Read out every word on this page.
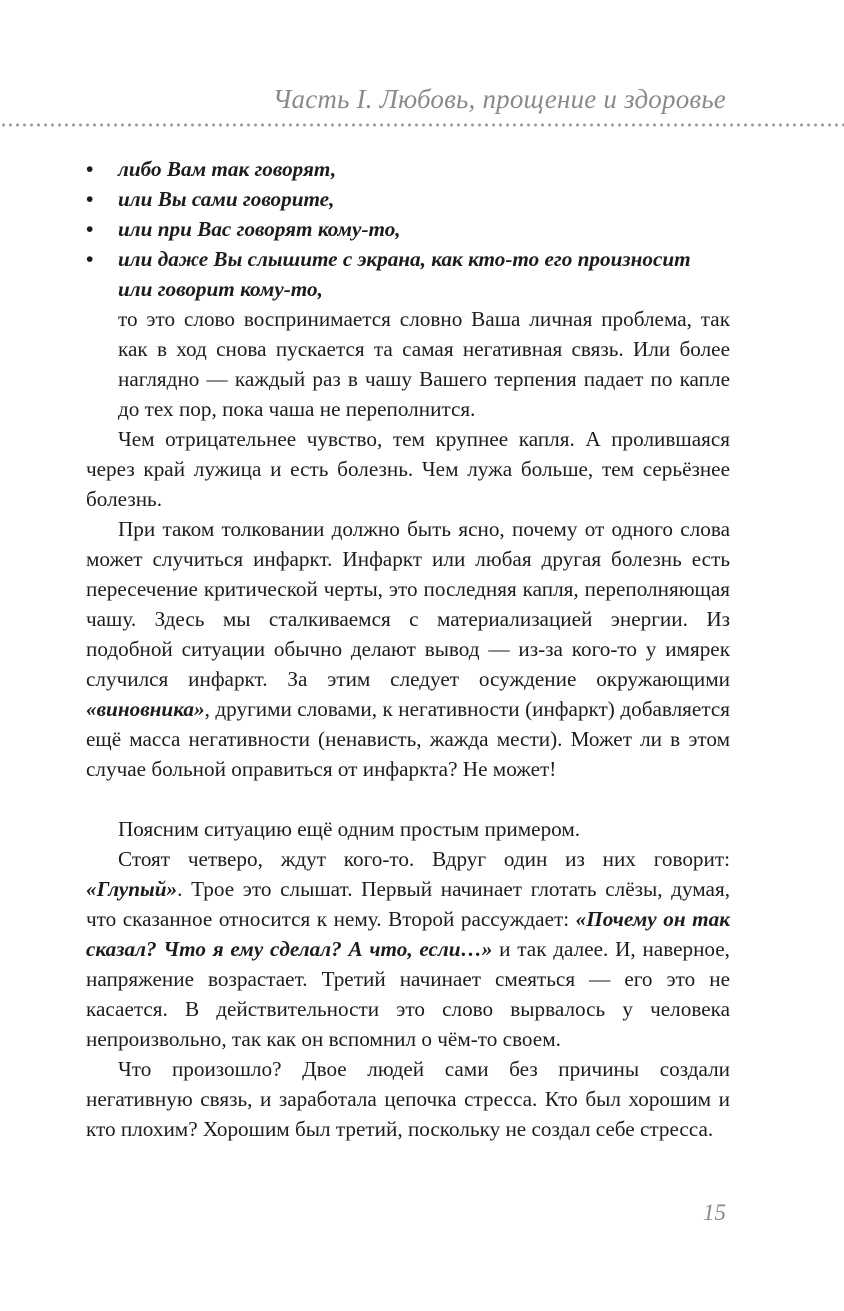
Часть I. Любовь, прощение и здоровье
• либо Вам так говорят,
• или Вы сами говорите,
• или при Вас говорят кому-то,
• или даже Вы слышите с экрана, как кто-то его произносит или говорит кому-то,

то это слово воспринимается словно Ваша личная проблема, так как в ход снова пускается та самая негативная связь. Или более наглядно — каждый раз в чашу Вашего терпения падает по капле до тех пор, пока чаша не переполнится.

Чем отрицательнее чувство, тем крупнее капля. А пролившаяся через край лужица и есть болезнь. Чем лужа больше, тем серьёзнее болезнь.

При таком толковании должно быть ясно, почему от одного слова может случиться инфаркт. Инфаркт или любая другая болезнь есть пересечение критической черты, это последняя капля, переполняющая чашу. Здесь мы сталкиваемся с материализацией энергии. Из подобной ситуации обычно делают вывод — из-за кого-то у имярек случился инфаркт. За этим следует осуждение окружающими «виновника», другими словами, к негативности (инфаркт) добавляется ещё масса негативности (ненависть, жажда мести). Может ли в этом случае больной оправиться от инфаркта? Не может!

Поясним ситуацию ещё одним простым примером.

Стоят четверо, ждут кого-то. Вдруг один из них говорит: «Глупый». Трое это слышат. Первый начинает глотать слёзы, думая, что сказанное относится к нему. Второй рассуждает: «Почему он так сказал? Что я ему сделал? А что, если…» и так далее. И, наверное, напряжение возрастает. Третий начинает смеяться — его это не касается. В действительности это слово вырвалось у человека непроизвольно, так как он вспомнил о чём-то своем.

Что произошло? Двое людей сами без причины создали негативную связь, и заработала цепочка стресса. Кто был хорошим и кто плохим? Хорошим был третий, поскольку не создал себе стресса.

15
